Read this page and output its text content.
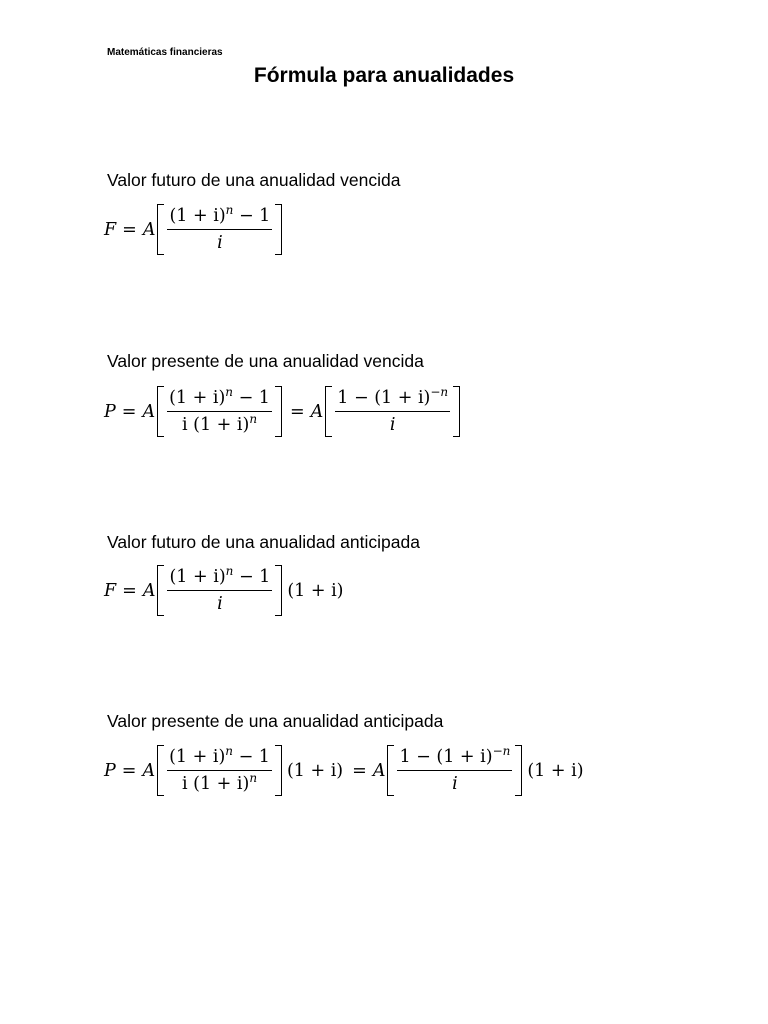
Matemáticas financieras
Fórmula para anualidades
Valor futuro de una anualidad vencida
F = A $\frac{(1 + i)^n - 1}{i}$
Valor presente de una anualidad vencida
P = A $\frac{(1 + i)^n - 1}{i (1 + i)^n} = A \frac{1 - (1 + i)^{-n}}{i}$
Valor futuro de una anualidad anticipada
F = A $\frac{(1 + i)^n - 1}{i} (1 + i)$
Valor presente de una anualidad anticipada
P = A $\frac{(1 + i)^n - 1}{i (1 + i)^n} (1 + i) = A \frac{1 - (1 + i)^{-n}}{i} (1 + i)$
